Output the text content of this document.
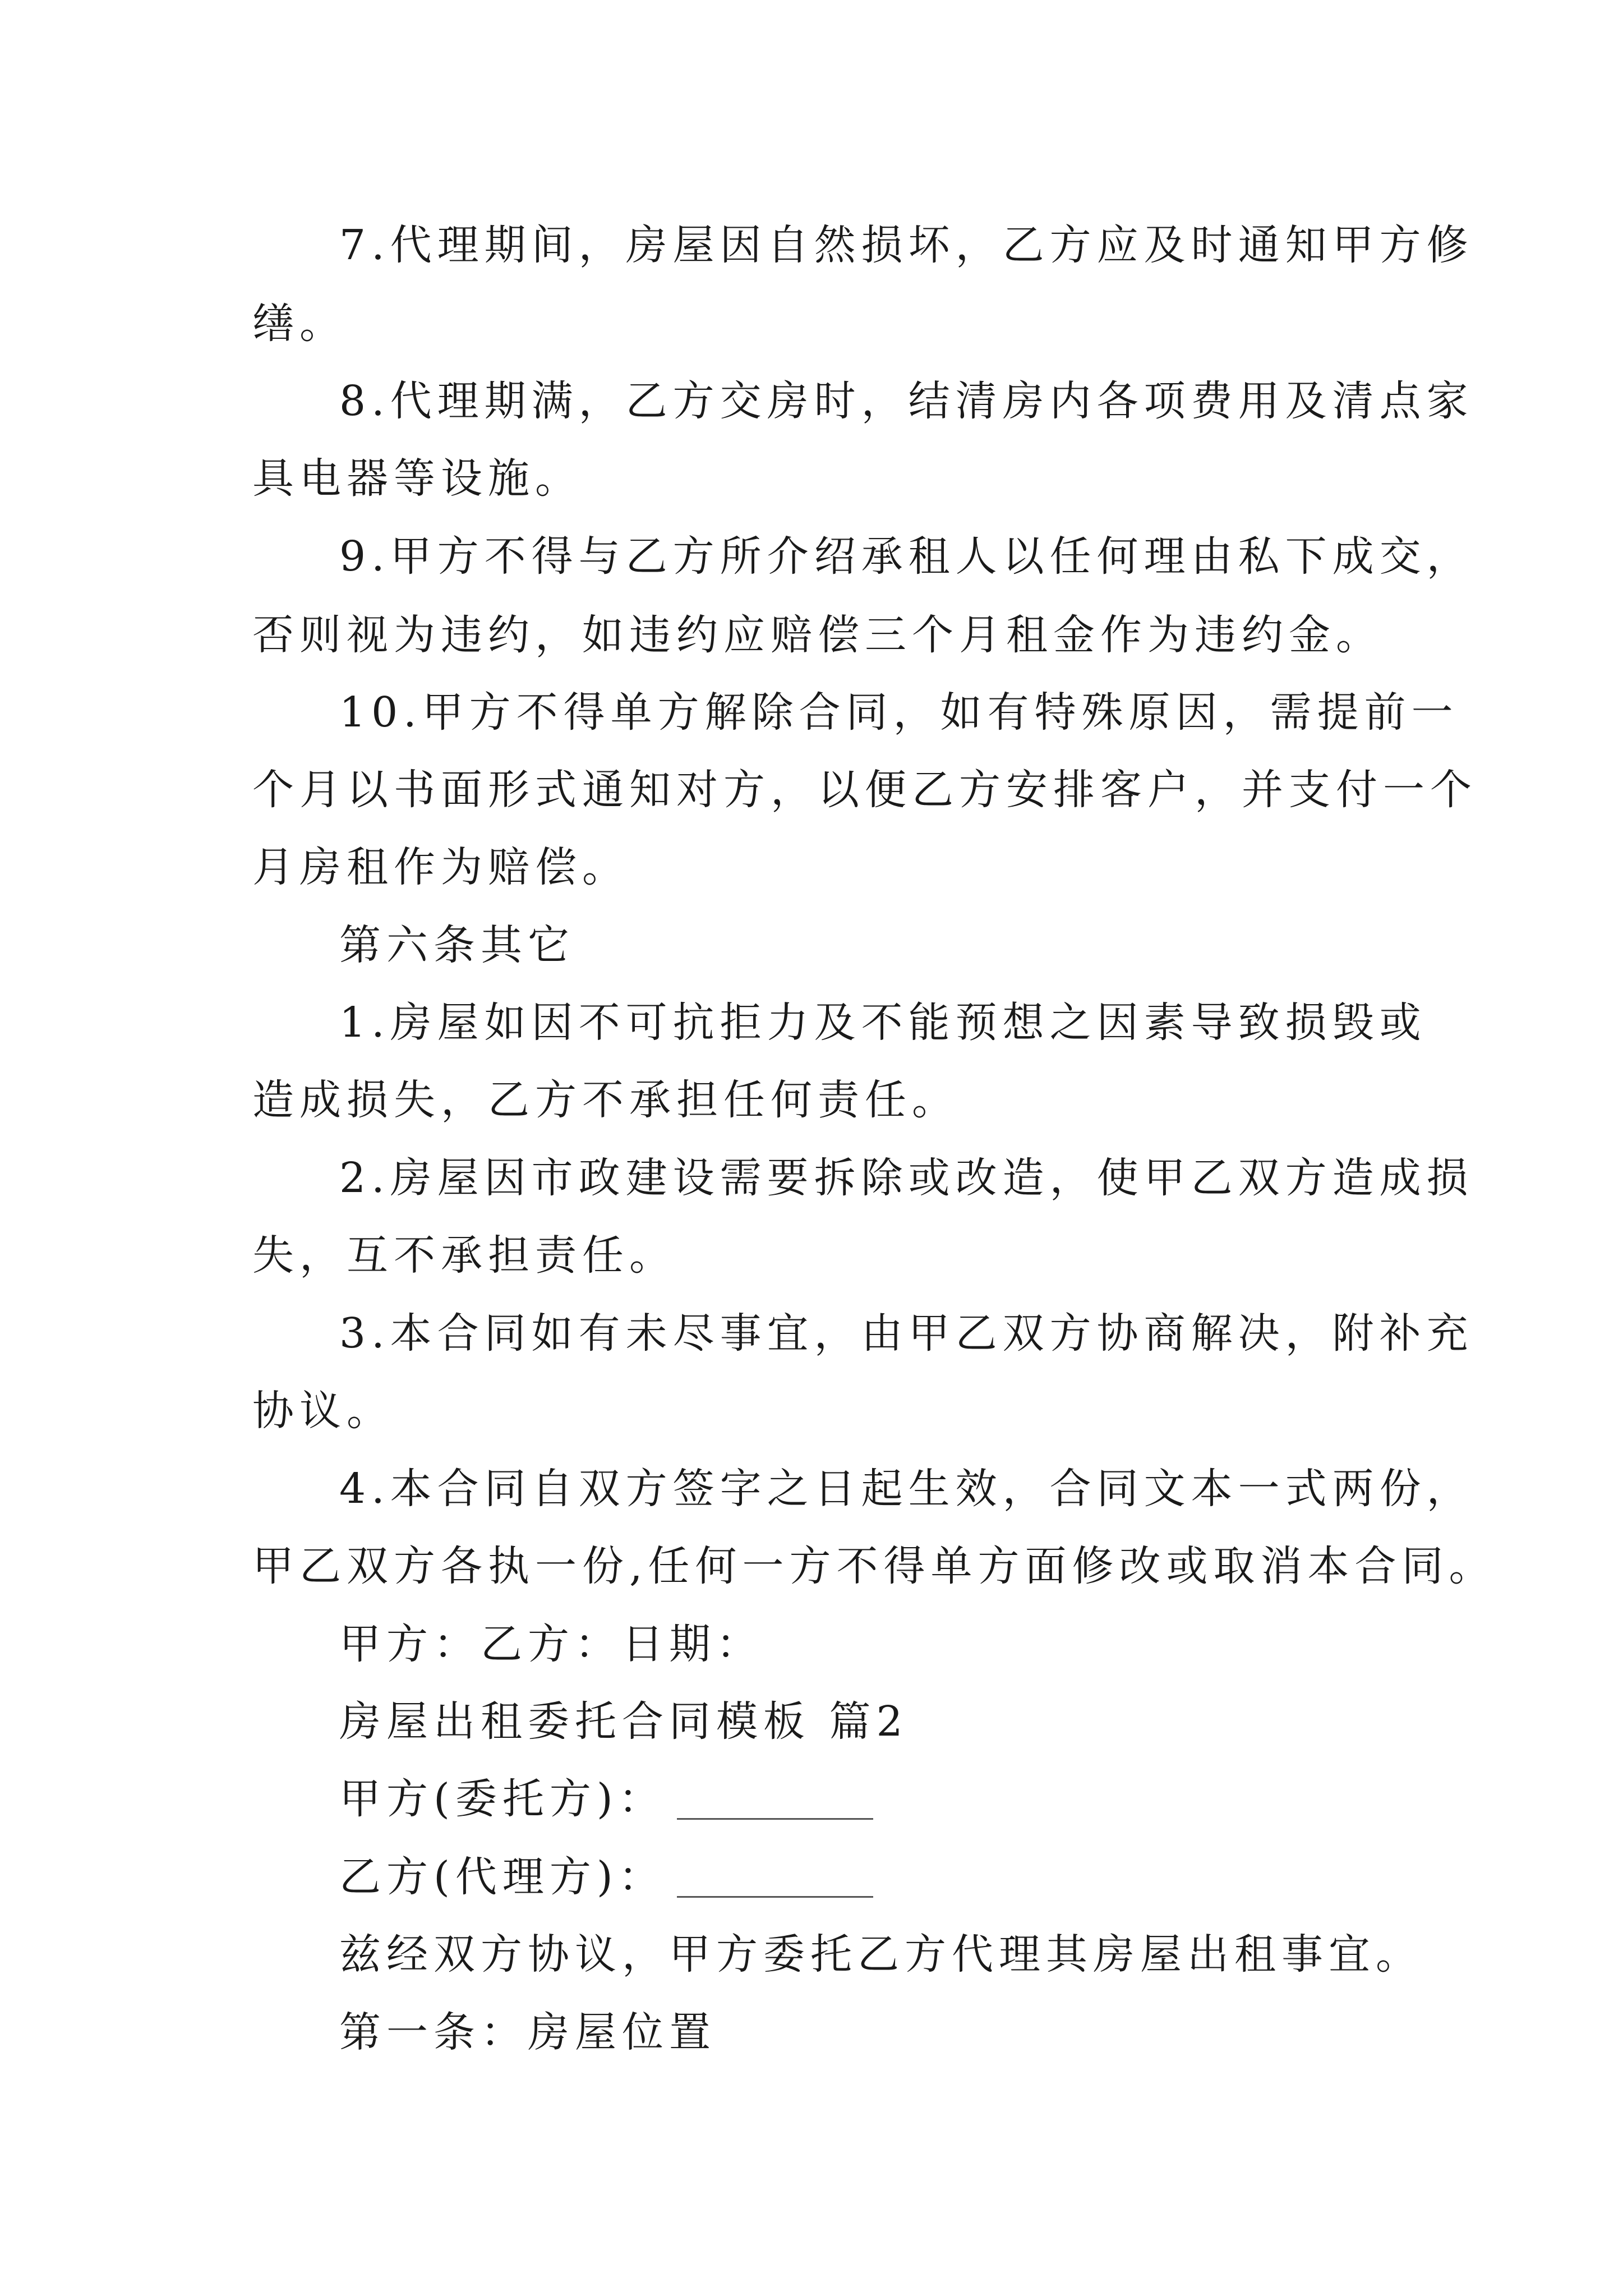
7.代理期间，房屋因自然损坏，乙方应及时通知甲方修
缮。
8.代理期满，乙方交房时，结清房内各项费用及清点家
具电器等设施。
9.甲方不得与乙方所介绍承租人以任何理由私下成交，
否则视为违约，如违约应赔偿三个月租金作为违约金。
10.甲方不得单方解除合同，如有特殊原因，需提前一
个月以书面形式通知对方，以便乙方安排客户，并支付一个
月房租作为赔偿。
第六条其它
1.房屋如因不可抗拒力及不能预想之因素导致损毁或
造成损失，乙方不承担任何责任。
2.房屋因市政建设需要拆除或改造，使甲乙双方造成损
失，互不承担责任。
3.本合同如有未尽事宜，由甲乙双方协商解决，附补充
协议。
4.本合同自双方签字之日起生效，合同文本一式两份，
甲乙双方各执一份,任何一方不得单方面修改或取消本合同。
甲方：乙方：日期：
房屋出租委托合同模板 篇2
甲方(委托方)：
乙方(代理方)：
兹经双方协议，甲方委托乙方代理其房屋出租事宜。
第一条：房屋位置
